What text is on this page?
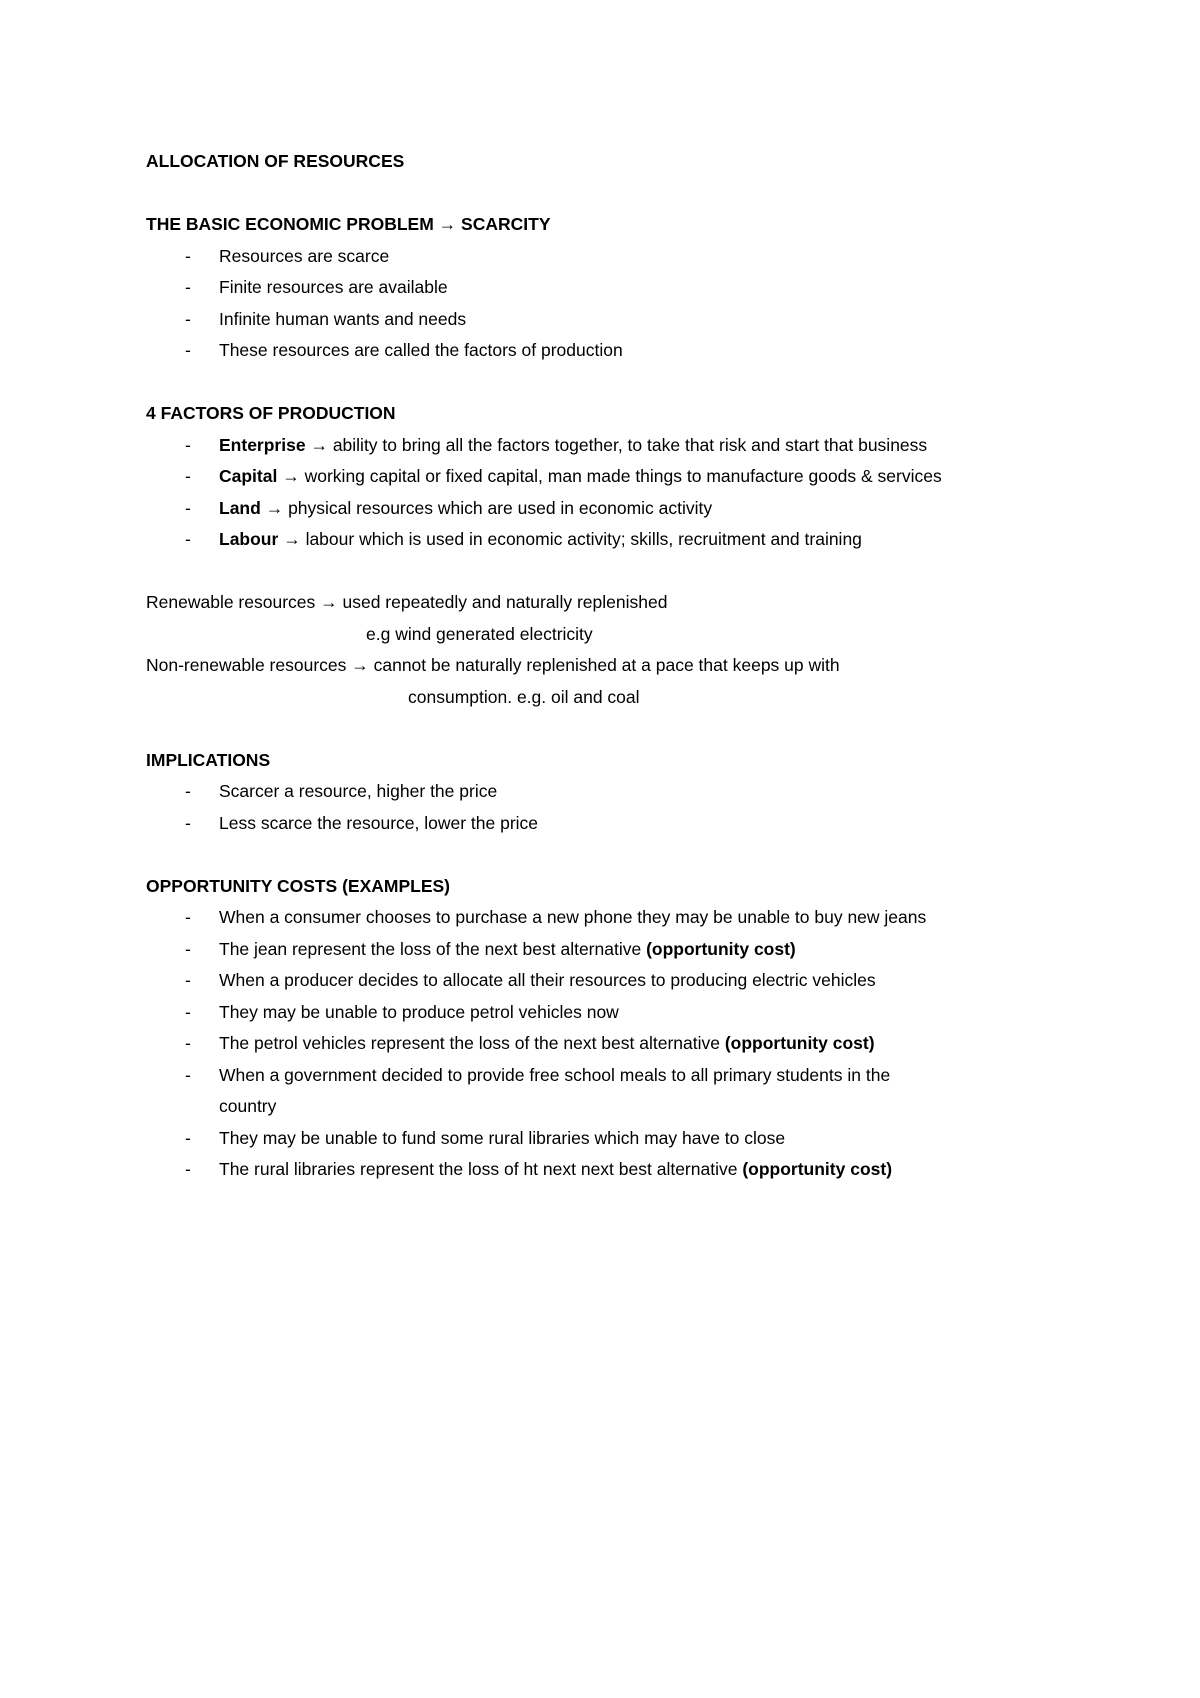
ALLOCATION OF RESOURCES
THE BASIC ECONOMIC PROBLEM → SCARCITY
- Resources are scarce
- Finite resources are available
- Infinite human wants and needs
- These resources are called the factors of production
4 FACTORS OF PRODUCTION
- Enterprise → ability to bring all the factors together, to take that risk and start that business
- Capital → working capital or fixed capital, man made things to manufacture goods & services
- Land → physical resources which are used in economic activity
- Labour → labour which is used in economic activity; skills, recruitment and training
Renewable resources → used repeatedly and naturally replenished
e.g wind generated electricity
Non-renewable resources → cannot be naturally replenished at a pace that keeps up with
consumption. e.g. oil and coal
IMPLICATIONS
- Scarcer a resource, higher the price
- Less scarce the resource, lower the price
OPPORTUNITY COSTS (EXAMPLES)
- When a consumer chooses to purchase a new phone they may be unable to buy new jeans
- The jean represent the loss of the next best alternative (opportunity cost)
- When a producer decides to allocate all their resources to producing electric vehicles
- They may be unable to produce petrol vehicles now
- The petrol vehicles represent the loss of the next best alternative (opportunity cost)
- When a government decided to provide free school meals to all primary students in the
country
- They may be unable to fund some rural libraries which may have to close
- The rural libraries represent the loss of ht next next best alternative (opportunity cost)
